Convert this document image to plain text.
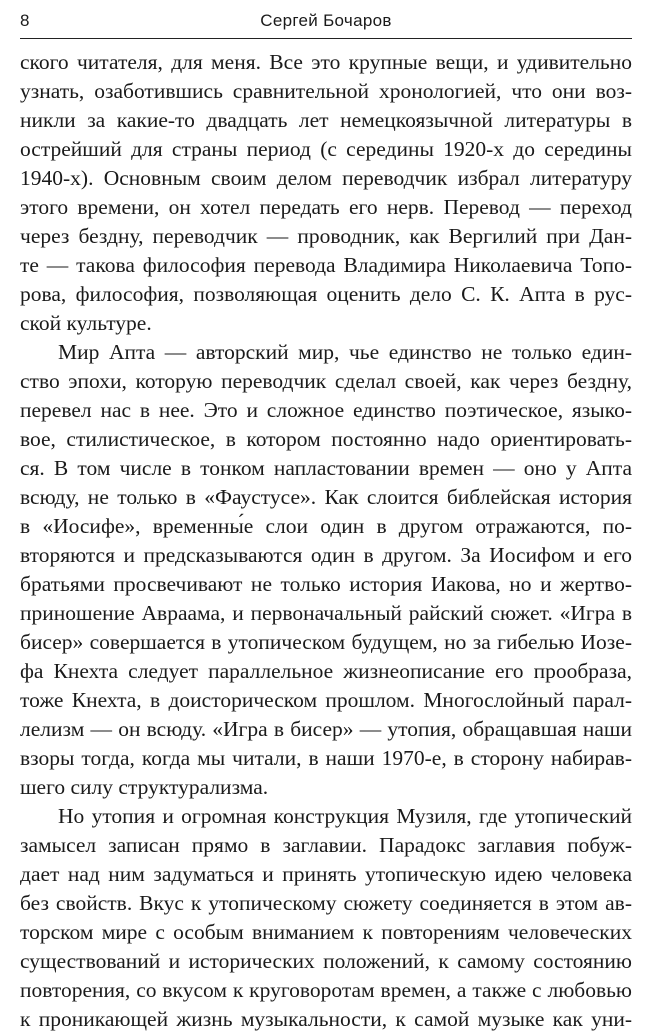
8	Сергей Бочаров
ского читателя, для меня. Все это крупные вещи, и удивительно
узнать, озаботившись сравнительной хронологией, что они воз-
никли за какие-то двадцать лет немецкоязычной литературы в
острейший для страны период (с середины 1920-х до середины
1940-х). Основным своим делом переводчик избрал литературу
этого времени, он хотел передать его нерв. Перевод — переход
через бездну, переводчик — проводник, как Вергилий при Дан-
те — такова философия перевода Владимира Николаевича Топо-
рова, философия, позволяющая оценить дело С. К. Апта в рус-
ской культуре.
Мир Апта — авторский мир, чье единство не только един-
ство эпохи, которую переводчик сделал своей, как через бездну,
перевел нас в нее. Это и сложное единство поэтическое, языко-
вое, стилистическое, в котором постоянно надо ориентировать-
ся. В том числе в тонком напластовании времен — оно у Апта
всюду, не только в «Фаустусе». Как слоится библейская история
в «Иосифе», временны́е слои один в другом отражаются, по-
вторяются и предсказываются один в другом. За Иосифом и его
братьями просвечивают не только история Иакова, но и жертво-
приношение Авраама, и первоначальный райский сюжет. «Игра в
бисер» совершается в утопическом будущем, но за гибелью Иозе-
фа Кнехта следует параллельное жизнеописание его прообраза,
тоже Кнехта, в доисторическом прошлом. Многослойный парал-
лелизм — он всюду. «Игра в бисер» — утопия, обращавшая наши
взоры тогда, когда мы читали, в наши 1970-е, в сторону набирав-
шего силу структурализма.
Но утопия и огромная конструкция Музиля, где утопический
замысел записан прямо в заглавии. Парадокс заглавия побуж-
дает над ним задуматься и принять утопическую идею человека
без свойств. Вкус к утопическому сюжету соединяется в этом ав-
торском мире с особым вниманием к повторениям человеческих
существований и исторических положений, к самому состоянию
повторения, со вкусом к круговоротам времен, а также с любовью
к проникающей жизнь музыкальности, к самой музыке как уни-
